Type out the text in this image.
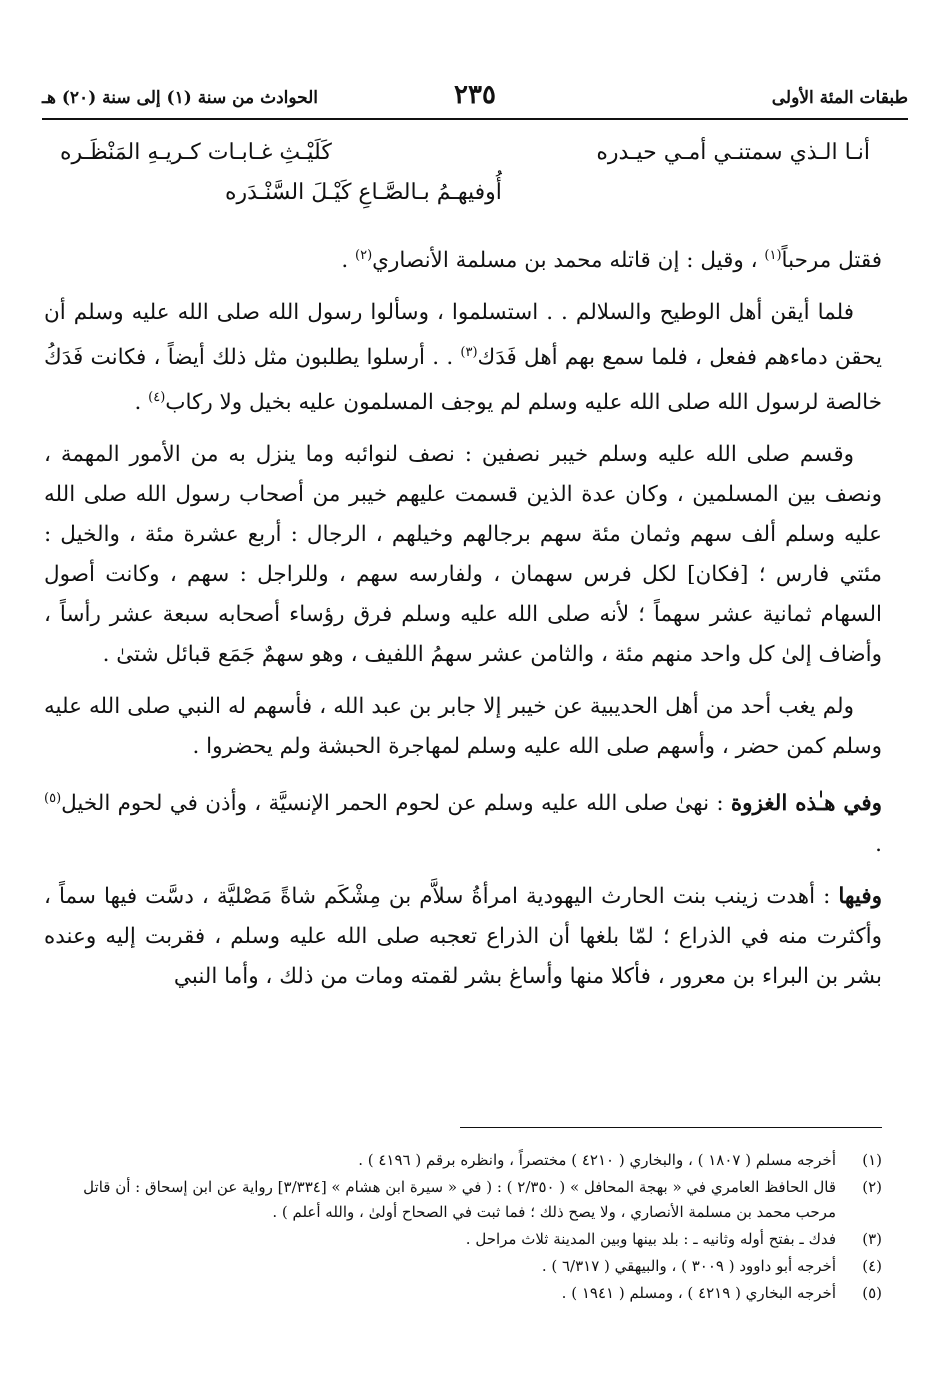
طبقات المئة الأولى
٢٣٥
الحوادث من سنة (١) إلى سنة (٢٠) هـ
أنـا الـذي سمتنـي أمـي حيـدره
كَلَيْـثِ غـابـات كـريـهِ المَنْظَـره
أُوفيهـمُ بـالصَّـاعِ كَيْـلَ السَّنْـدَره

فقتل مرحباً$^{(١)}$ ، وقيل : إن قاتله محمد بن مسلمة الأنصاري$^{(٢)}$ .

فلما أيقن أهل الوطيح والسلالم . . استسلموا ، وسألوا رسول الله صلى الله عليه وسلم أن يحقن دماءهم ففعل ، فلما سمع بهم أهل فَدَك$^{(٣)}$ . . أرسلوا يطلبون مثل ذلك أيضاً ، فكانت فَدَكُ خالصة لرسول الله صلى الله عليه وسلم لم يوجف المسلمون عليه بخيل ولا ركاب$^{(٤)}$ .

وقسم صلى الله عليه وسلم خيبر نصفين : نصف لنوائبه وما ينزل به من الأمور المهمة ، ونصف بين المسلمين ، وكان عدة الذين قسمت عليهم خيبر من أصحاب رسول الله صلى الله عليه وسلم ألف سهم وثمان مئة سهم برجالهم وخيلهم ، الرجال : أربع عشرة مئة ، والخيل : مئتي فارس ؛ [فكان] لكل فرس سهمان ، ولفارسه سهم ، وللراجل : سهم ، وكانت أصول السهام ثمانية عشر سهماً ؛ لأنه صلى الله عليه وسلم فرق رؤساء أصحابه سبعة عشر رأساً ، وأضاف إلىٰ كل واحد منهم مئة ، والثامن عشر سهمُ اللفيف ، وهو سهمٌ جَمَع قبائل شتىٰ .

ولم يغب أحد من أهل الحديبية عن خيبر إلا جابر بن عبد الله ، فأسهم له النبي صلى الله عليه وسلم كمن حضر ، وأسهم صلى الله عليه وسلم لمهاجرة الحبشة ولم يحضروا .

وفي هـٰذه الغزوة : نهىٰ صلى الله عليه وسلم عن لحوم الحمر الإنسيَّة ، وأذن في لحوم الخيل$^{(٥)}$ .

وفيها : أهدت زينب بنت الحارث اليهودية امرأةُ سلاَّم بن مِشْكَم شاةً مَصْليَّة ، دسَّت فيها سماً ، وأكثرت منه في الذراع ؛ لمّا بلغها أن الذراع تعجبه صلى الله عليه وسلم ، فقربت إليه وعنده بشر بن البراء بن معرور ، فأكلا منها وأساغ بشر لقمته ومات من ذلك ، وأما النبي

(١)
أخرجه مسلم ( ١٨٠٧ ) ، والبخاري ( ٤٢١٠ ) مختصراً ، وانظره برقم ( ٤١٩٦ ) .
(٢)
قال الحافظ العامري في « بهجة المحافل » ( ٢/٣٥٠ ) : ( في « سيرة ابن هشام » [٣/٣٣٤] رواية عن ابن إسحاق : أن قاتل مرحب محمد بن مسلمة الأنصاري ، ولا يصح ذلك ؛ فما ثبت في الصحاح أولىٰ ، والله أعلم ) .
(٣)
فدك ـ بفتح أوله وثانيه ـ : بلد بينها وبين المدينة ثلاث مراحل .
(٤)
أخرجه أبو داوود ( ٣٠٠٩ ) ، والبيهقي ( ٦/٣١٧ ) .
(٥)
أخرجه البخاري ( ٤٢١٩ ) ، ومسلم ( ١٩٤١ ) .
